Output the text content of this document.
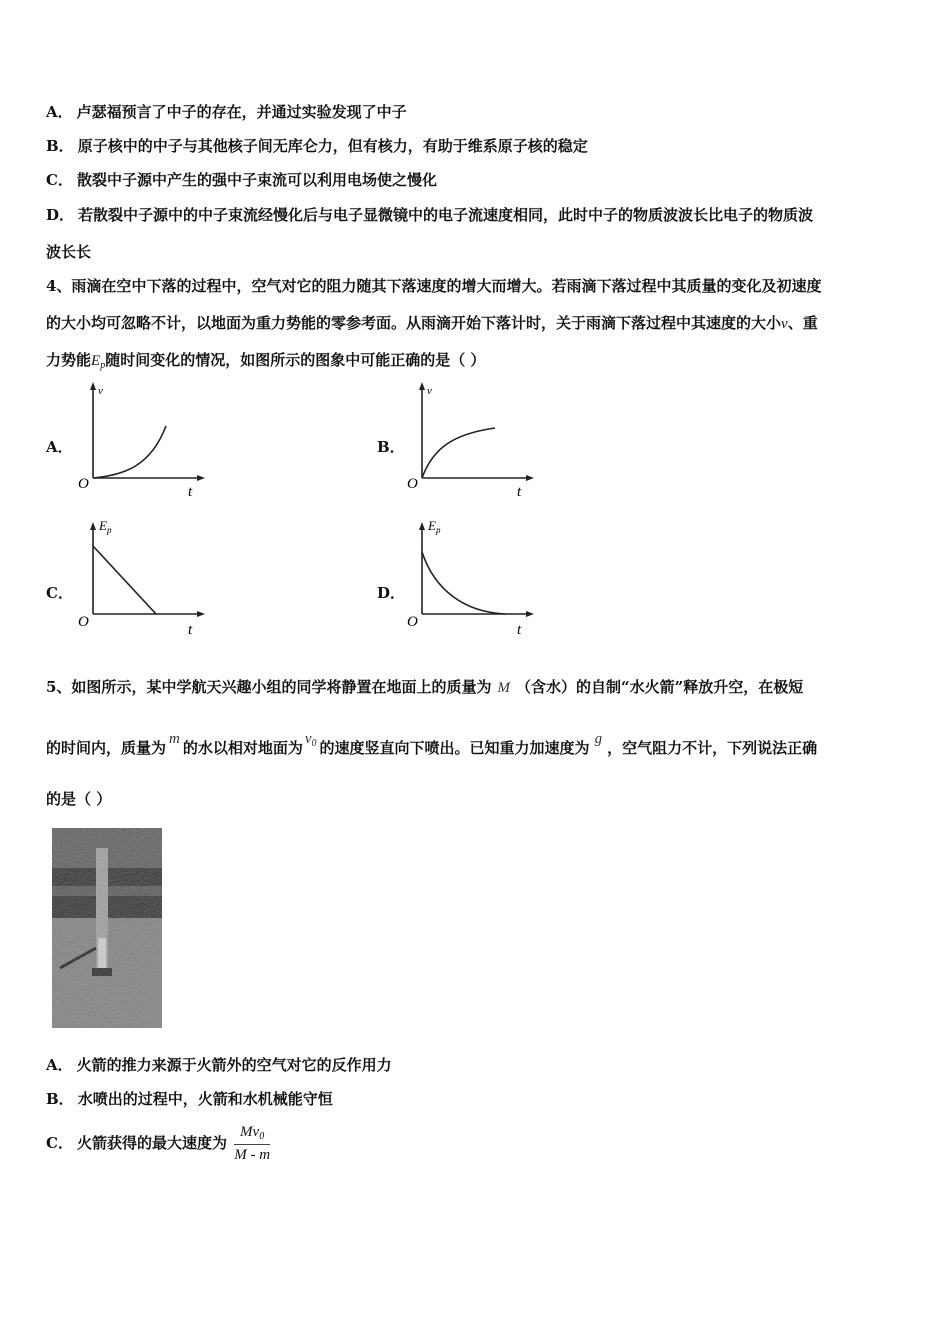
A． 卢瑟福预言了中子的存在，并通过实验发现了中子
B． 原子核中的中子与其他核子间无库仑力，但有核力，有助于维系原子核的稳定
C． 散裂中子源中产生的强中子束流可以利用电场使之慢化
D． 若散裂中子源中的中子束流经慢化后与电子显微镜中的电子流速度相同，此时中子的物质波波长比电子的物质波
波长长
4、雨滴在空中下落的过程中，空气对它的阻力随其下落速度的增大而增大。若雨滴下落过程中其质量的变化及初速度
的大小均可忽略不计，以地面为重力势能的零参考面。从雨滴开始下落计时，关于雨滴下落过程中其速度的大小v、重
力势能$E_p$随时间变化的情况，如图所示的图象中可能正确的是（ ）
A．
v
O	t
B．
v
O	t
C．
$E_p$
O	t
D．
$E_p$
O	t
5、如图所示，某中学航天兴趣小组的同学将静置在地面上的质量为 M （含水）的自制“水火箭”释放升空，在极短
的时间内，质量为 m 的水以相对地面为 $v_0$ 的速度竖直向下喷出。已知重力加速度为 g ，空气阻力不计，下列说法正确
的是（ ）
A． 火箭的推力来源于火箭外的空气对它的反作用力
B． 水喷出的过程中，火箭和水机械能守恒
C． 火箭获得的最大速度为 $\frac{Mv_0}{M - m}$
